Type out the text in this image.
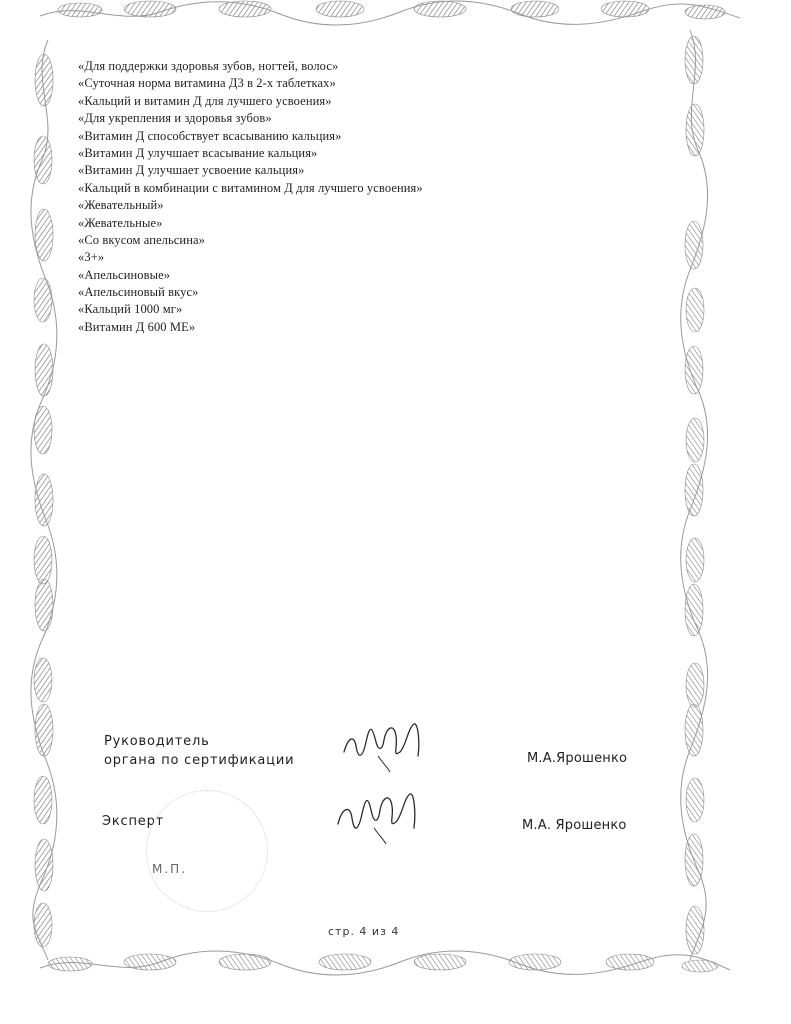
«Для поддержки здоровья зубов, ногтей, волос»
«Суточная норма витамина Д3 в 2-х таблетках»
«Кальций и витамин Д для лучшего усвоения»
«Для укрепления и здоровья зубов»
«Витамин Д способствует всасыванию кальция»
«Витамин Д улучшает всасывание кальция»
«Витамин Д улучшает усвоение кальция»
«Кальций в комбинации с витамином Д для лучшего усвоения»
«Жевательный»
«Жевательные»
«Со вкусом апельсина»
«3+»
«Апельсиновые»
«Апельсиновый вкус»
«Кальций 1000 мг»
«Витамин Д 600 МЕ»
Руководитель
органа по сертификации	М.А.Ярошенко
Эксперт	М.А. Ярошенко
М.П.
стр. 4 из 4
